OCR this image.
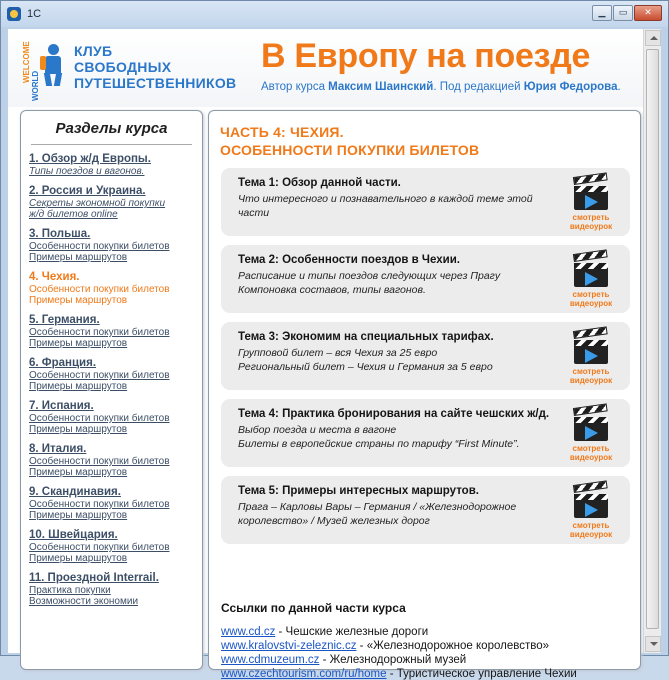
1С	▁	▭	✕
WELCOME
WORLD
КЛУБ
СВОБОДНЫХ
ПУТЕШЕСТВЕННИКОВ
В Европу на поезде
Автор курса Максим Шаинский. Под редакцией Юрия Федорова.
Разделы курса
1. Обзор ж/д Европы.
Типы поездов и вагонов.
2. Россия и Украина.
Секреты экономной покупки
ж/д билетов online
3. Польша.
Особенности покупки билетов
Примеры маршрутов
4. Чехия.
Особенности покупки билетов
Примеры маршрутов
5. Германия.
Особенности покупки билетов
Примеры маршрутов
6. Франция.
Особенности покупки билетов
Примеры маршрутов
7. Испания.
Особенности покупки билетов
Примеры маршрутов
8. Италия.
Особенности покупки билетов
Примеры маршрутов
9. Скандинавия.
Особенности покупки билетов
Примеры маршрутов
10. Швейцария.
Особенности покупки билетов
Примеры маршрутов
11. Проездной Interrail.
Практика покупки
Возможности экономии
ЧАСТЬ 4: ЧЕХИЯ.
ОСОБЕННОСТИ ПОКУПКИ БИЛЕТОВ
Тема 1: Обзор данной части.
Что интересного и познавательного в каждой теме этой
части	смотреть
видеоурок
Тема 2: Особенности поездов в Чехии.
Расписание и типы поездов следующих через Прагу
Компоновка составов, типы вагонов.	смотреть
видеоурок
Тема 3: Экономим на специальных тарифах.
Групповой билет – вся Чехия за 25 евро
Региональный билет – Чехия и Германия за 5 евро	смотреть
видеоурок
Тема 4: Практика бронирования на сайте чешских ж/д.
Выбор поезда и места в вагоне
Билеты в европейские страны по тарифу “First Minute”.	смотреть
видеоурок
Тема 5: Примеры интересных маршрутов.
Прага – Карловы Вары – Германия / «Железнодорожное
королевство» / Музей железных дорог	смотреть
видеоурок
Ссылки по данной части курса
www.cd.cz - Чешские железные дороги
www.kralovstvi-zeleznic.cz - «Железнодорожное королевство»
www.cdmuzeum.cz - Железнодорожный музей
www.czechtourism.com/ru/home - Туристическое управление Чехии
